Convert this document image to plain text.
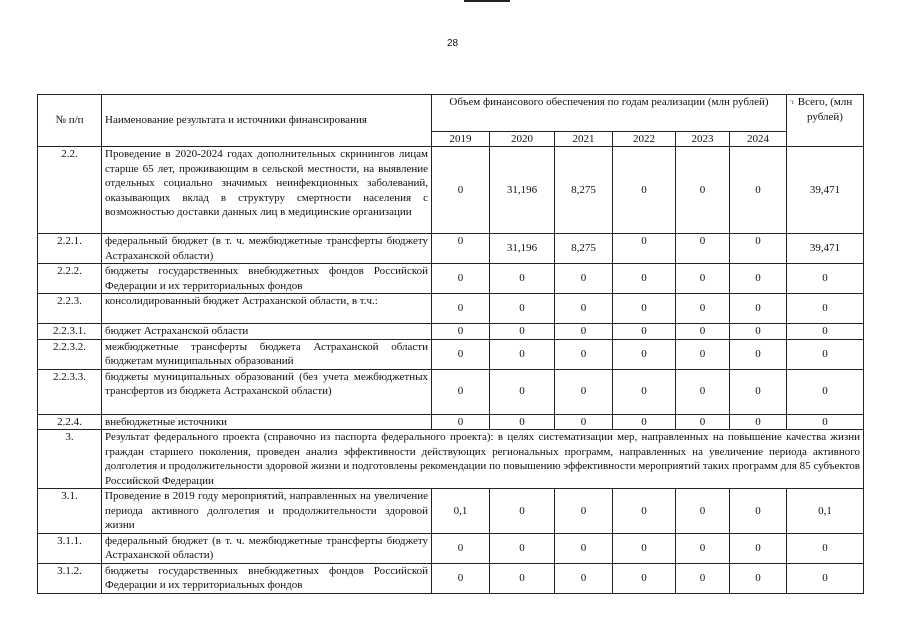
28
№ п/п	Наименование результата и источники финансирования	Объем финансового обеспечения по годам реализации (млн рублей)						ˊ¹ Всего, (млн рублей)
		2019	2020	2021	2022	2023	2024	
2.2.	Проведение в 2020-2024 годах дополнительных скринингов лицам старше 65 лет, проживающим в сельской местности, на выявление отдельных социально значимых неинфекционных заболеваний, оказывающих вклад в структуру смертности населения с возможностью доставки данных лиц в медицинские организации	0	31,196	8,275	0	0	0	39,471
2.2.1.	федеральный бюджет (в т. ч. межбюджетные трансферты бюджету Астраханской области)	0	31,196	8,275	0	0	0	39,471
2.2.2.	бюджеты государственных внебюджетных фондов Российской Федерации и их территориальных фондов	0	0	0	0	0	0	0
2.2.3.	консолидированный бюджет Астраханской области, в т.ч.:	0	0	0	0	0	0	0
2.2.3.1.	бюджет Астраханской области	0	0	0	0	0	0	0
2.2.3.2.	межбюджетные трансферты бюджета Астраханской области бюджетам муниципальных образований	0	0	0	0	0	0	0
2.2.3.3.	бюджеты муниципальных образований (без учета межбюджетных трансфертов из бюджета Астраханской области)	0	0	0	0	0	0	0
2.2.4.	внебюджетные источники	0	0	0	0	0	0	0
3.	Результат федерального проекта (справочно из паспорта федерального проекта): в целях систематизации мер, направленных на повышение качества жизни граждан старшего поколения, проведен анализ эффективности действующих региональных программ, направленных на увеличение периода активного долголетия и продолжительности здоровой жизни и подготовлены рекомендации по повышению эффективности мероприятий таких программ для 85 субъектов Российской Федерации							
3.1.	Проведение в 2019 году мероприятий, направленных на увеличение периода активного долголетия и продолжительности здоровой жизни	0,1	0	0	0	0	0	0,1
3.1.1.	федеральный бюджет (в т. ч. межбюджетные трансферты бюджету Астраханской области)	0	0	0	0	0	0	0
3.1.2.	бюджеты государственных внебюджетных фондов Российской Федерации и их территориальных фондов	0	0	0	0	0	0	0
